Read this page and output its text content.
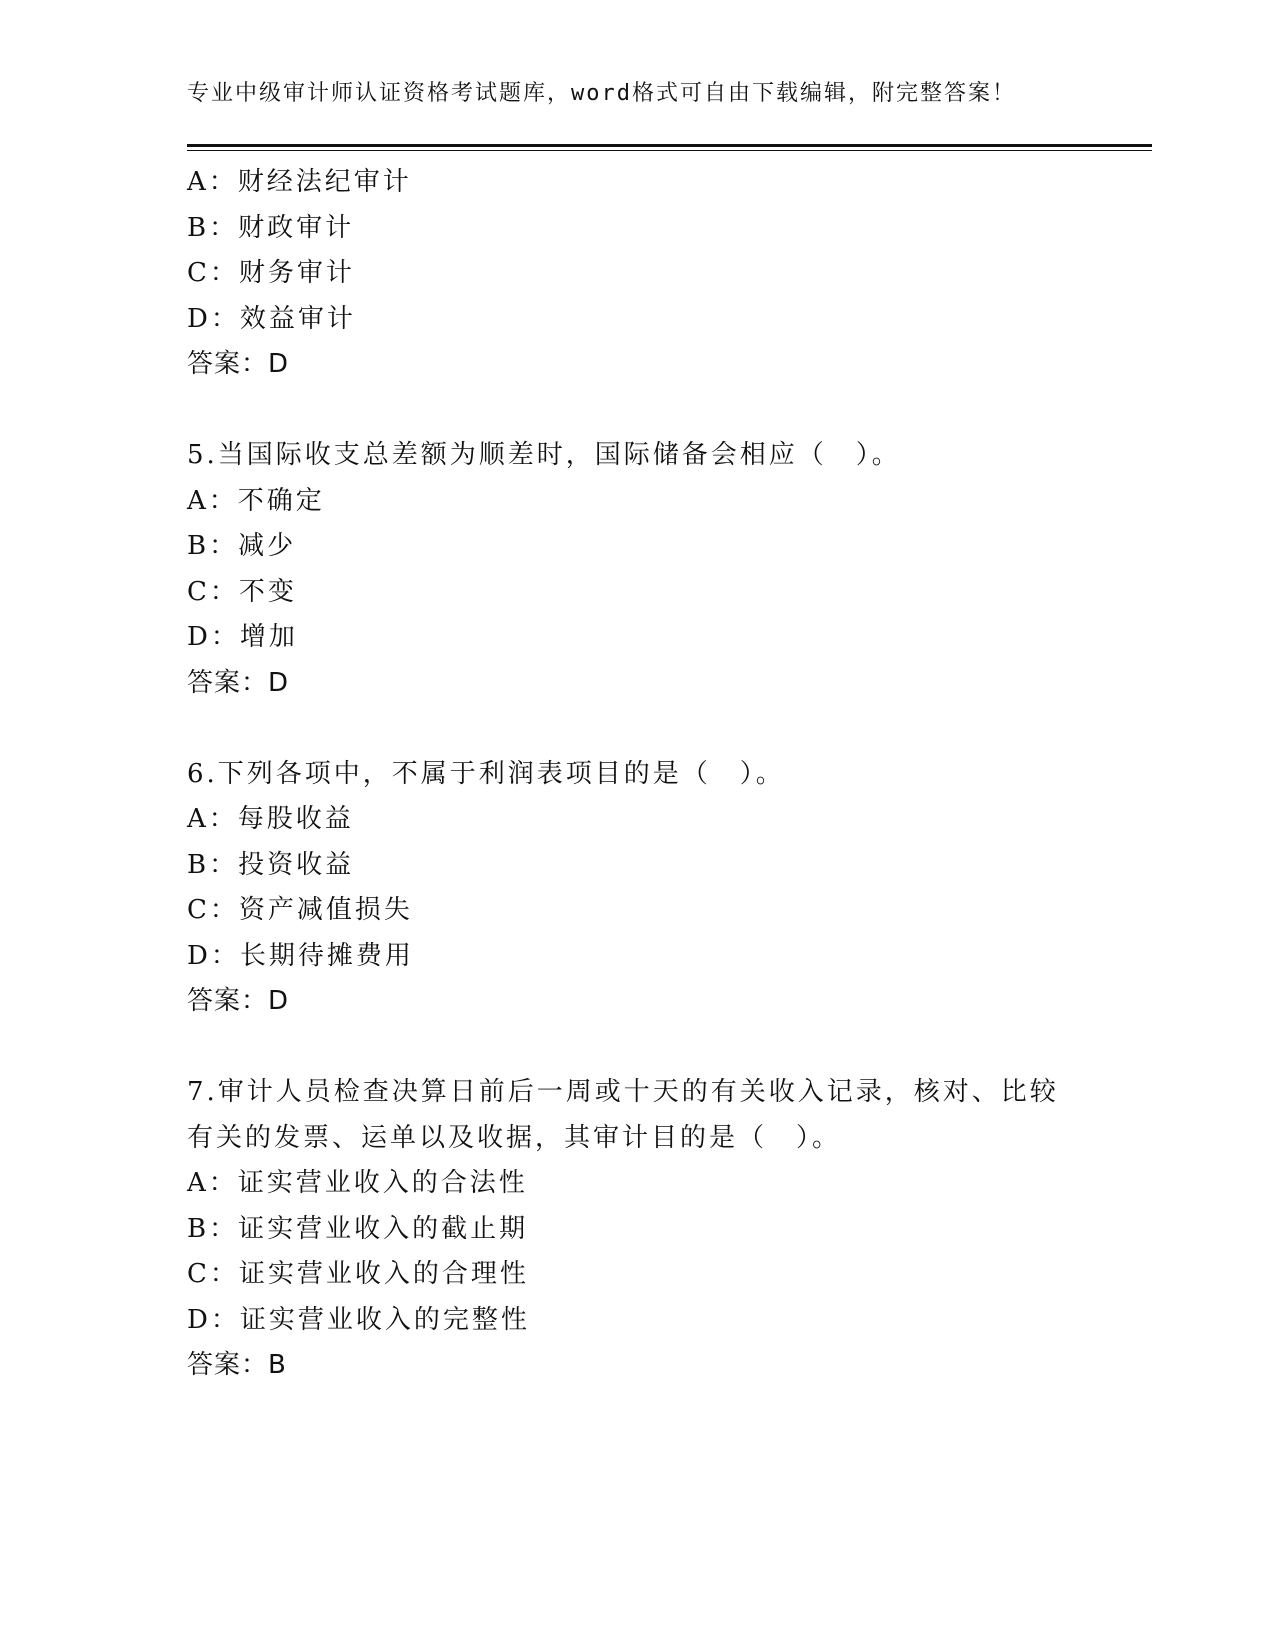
专业中级审计师认证资格考试题库，word格式可自由下载编辑，附完整答案！
A：财经法纪审计
B：财政审计
C：财务审计
D：效益审计
答案：D
5.当国际收支总差额为顺差时，国际储备会相应（　）。
A：不确定
B：减少
C：不变
D：增加
答案：D
6.下列各项中，不属于利润表项目的是（　）。
A：每股收益
B：投资收益
C：资产减值损失
D：长期待摊费用
答案：D
7.审计人员检查决算日前后一周或十天的有关收入记录，核对、比较
有关的发票、运单以及收据，其审计目的是（　）。
A：证实营业收入的合法性
B：证实营业收入的截止期
C：证实营业收入的合理性
D：证实营业收入的完整性
答案：B
